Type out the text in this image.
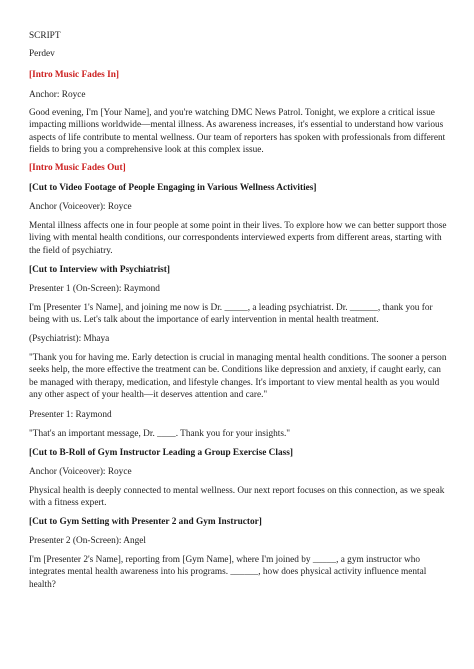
SCRIPT

Perdev

[Intro Music Fades In]

Anchor: Royce

Good evening, I'm [Your Name], and you're watching DMC News Patrol. Tonight, we explore a critical issue impacting millions worldwide—mental illness. As awareness increases, it's essential to understand how various aspects of life contribute to mental wellness. Our team of reporters has spoken with professionals from different fields to bring you a comprehensive look at this complex issue.

[Intro Music Fades Out]

[Cut to Video Footage of People Engaging in Various Wellness Activities]

Anchor (Voiceover): Royce

Mental illness affects one in four people at some point in their lives. To explore how we can better support those living with mental health conditions, our correspondents interviewed experts from different areas, starting with the field of psychiatry.

[Cut to Interview with Psychiatrist]

Presenter 1 (On-Screen): Raymond

I'm [Presenter 1's Name], and joining me now is Dr. _____, a leading psychiatrist. Dr. ______, thank you for being with us. Let's talk about the importance of early intervention in mental health treatment.

(Psychiatrist): Mhaya

"Thank you for having me. Early detection is crucial in managing mental health conditions. The sooner a person seeks help, the more effective the treatment can be. Conditions like depression and anxiety, if caught early, can be managed with therapy, medication, and lifestyle changes. It's important to view mental health as you would any other aspect of your health—it deserves attention and care."

Presenter 1: Raymond

"That's an important message, Dr. ____. Thank you for your insights."

[Cut to B-Roll of Gym Instructor Leading a Group Exercise Class]

Anchor (Voiceover): Royce

Physical health is deeply connected to mental wellness. Our next report focuses on this connection, as we speak with a fitness expert.

[Cut to Gym Setting with Presenter 2 and Gym Instructor]

Presenter 2 (On-Screen): Angel

I'm [Presenter 2's Name], reporting from [Gym Name], where I'm joined by _____, a gym instructor who integrates mental health awareness into his programs. ______, how does physical activity influence mental health?
